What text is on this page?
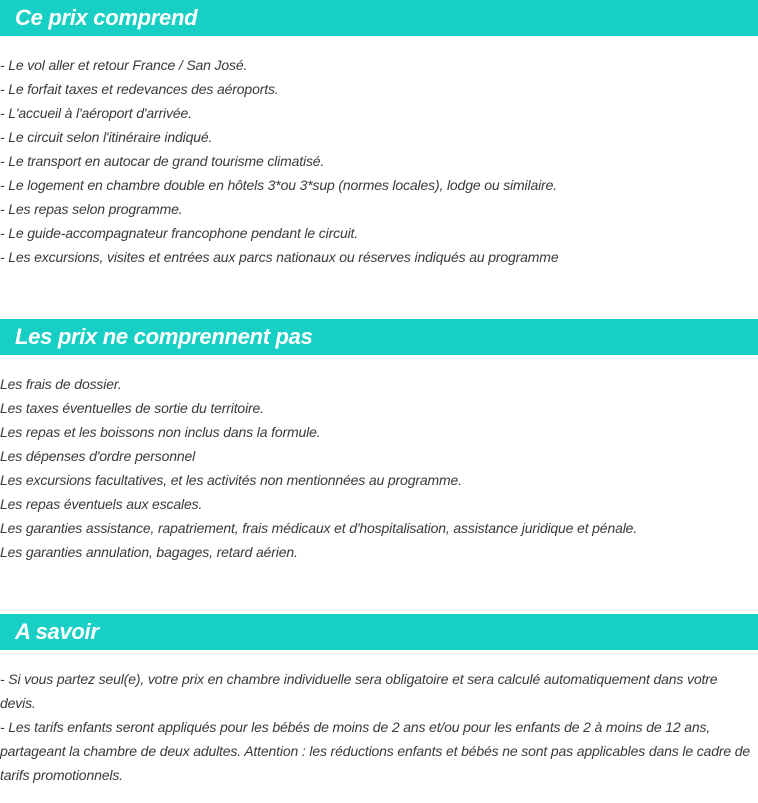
Ce prix comprend
- Le vol aller et retour France / San José.
- Le forfait taxes et redevances des aéroports.
- L'accueil à l'aéroport d'arrivée.
- Le circuit selon l'itinéraire indiqué.
- Le transport en autocar de grand tourisme climatisé.
- Le logement en chambre double en hôtels 3*ou 3*sup (normes locales), lodge ou similaire.
- Les repas selon programme.
- Le guide-accompagnateur francophone pendant le circuit.
- Les excursions, visites et entrées aux parcs nationaux ou réserves indiqués au programme
Les prix ne comprennent pas
Les frais de dossier.
Les taxes éventuelles de sortie du territoire.
Les repas et les boissons non inclus dans la formule.
Les dépenses d'ordre personnel
Les excursions facultatives, et les activités non mentionnées au programme.
Les repas éventuels aux escales.
Les garanties assistance, rapatriement, frais médicaux et d'hospitalisation, assistance juridique et pénale.
Les garanties annulation, bagages, retard aérien.
A savoir

- Si vous partez seul(e), votre prix en chambre individuelle sera obligatoire et sera calculé automatiquement dans votre devis.

- Les tarifs enfants seront appliqués pour les bébés de moins de 2 ans et/ou pour les enfants de 2 à moins de 12 ans, partageant la chambre de deux adultes. Attention : les réductions enfants et bébés ne sont pas applicables dans le cadre de tarifs promotionnels.
